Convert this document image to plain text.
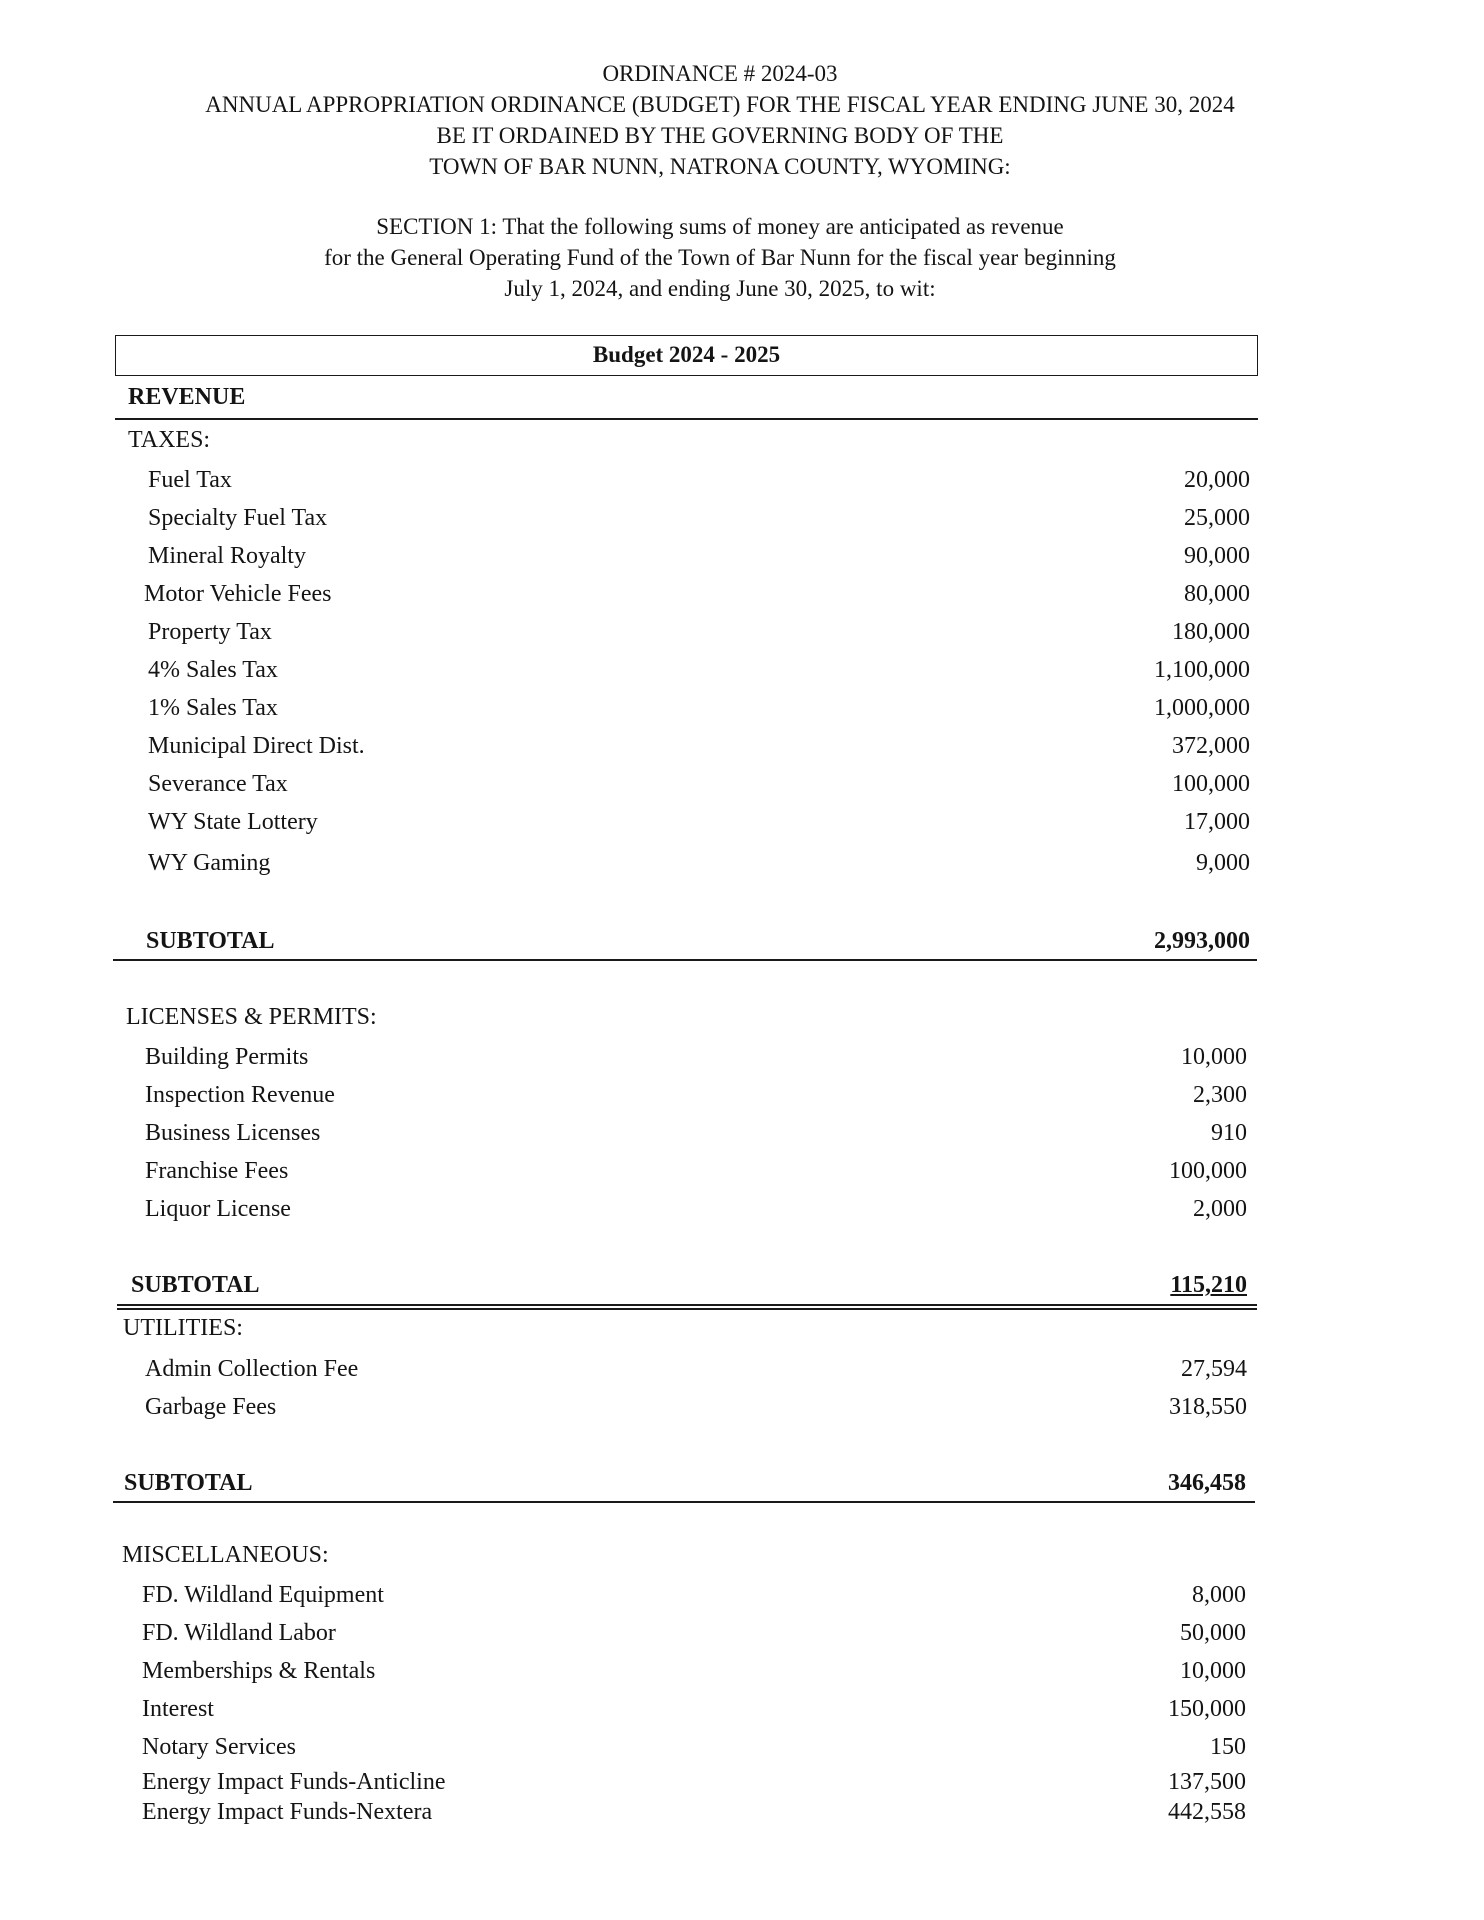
ORDINANCE # 2024-03
ANNUAL APPROPRIATION ORDINANCE (BUDGET) FOR THE FISCAL YEAR ENDING JUNE 30, 2024
BE IT ORDAINED BY THE GOVERNING BODY OF THE
TOWN OF BAR NUNN, NATRONA COUNTY, WYOMING:
SECTION 1: That the following sums of money are anticipated as revenue
for the General Operating Fund of the Town of Bar Nunn for the fiscal year beginning
July 1, 2024, and ending June 30, 2025, to wit:
Budget 2024 - 2025
REVENUE
TAXES:
Fuel Tax	20,000
Specialty Fuel Tax	25,000
Mineral Royalty	90,000
Motor Vehicle Fees	80,000
Property Tax	180,000
4% Sales Tax	1,100,000
1% Sales Tax	1,000,000
Municipal Direct Dist.	372,000
Severance Tax	100,000
WY State Lottery	17,000
WY Gaming	9,000
SUBTOTAL	2,993,000
LICENSES & PERMITS:
Building Permits	10,000
Inspection Revenue	2,300
Business Licenses	910
Franchise Fees	100,000
Liquor License	2,000
SUBTOTAL	115,210
UTILITIES:
Admin Collection Fee	27,594
Garbage Fees	318,550
SUBTOTAL	346,458
MISCELLANEOUS:
FD. Wildland Equipment	8,000
FD. Wildland Labor	50,000
Memberships & Rentals	10,000
Interest	150,000
Notary Services	150
Energy Impact Funds-Anticline	137,500
Energy Impact Funds-Nextera	442,558
